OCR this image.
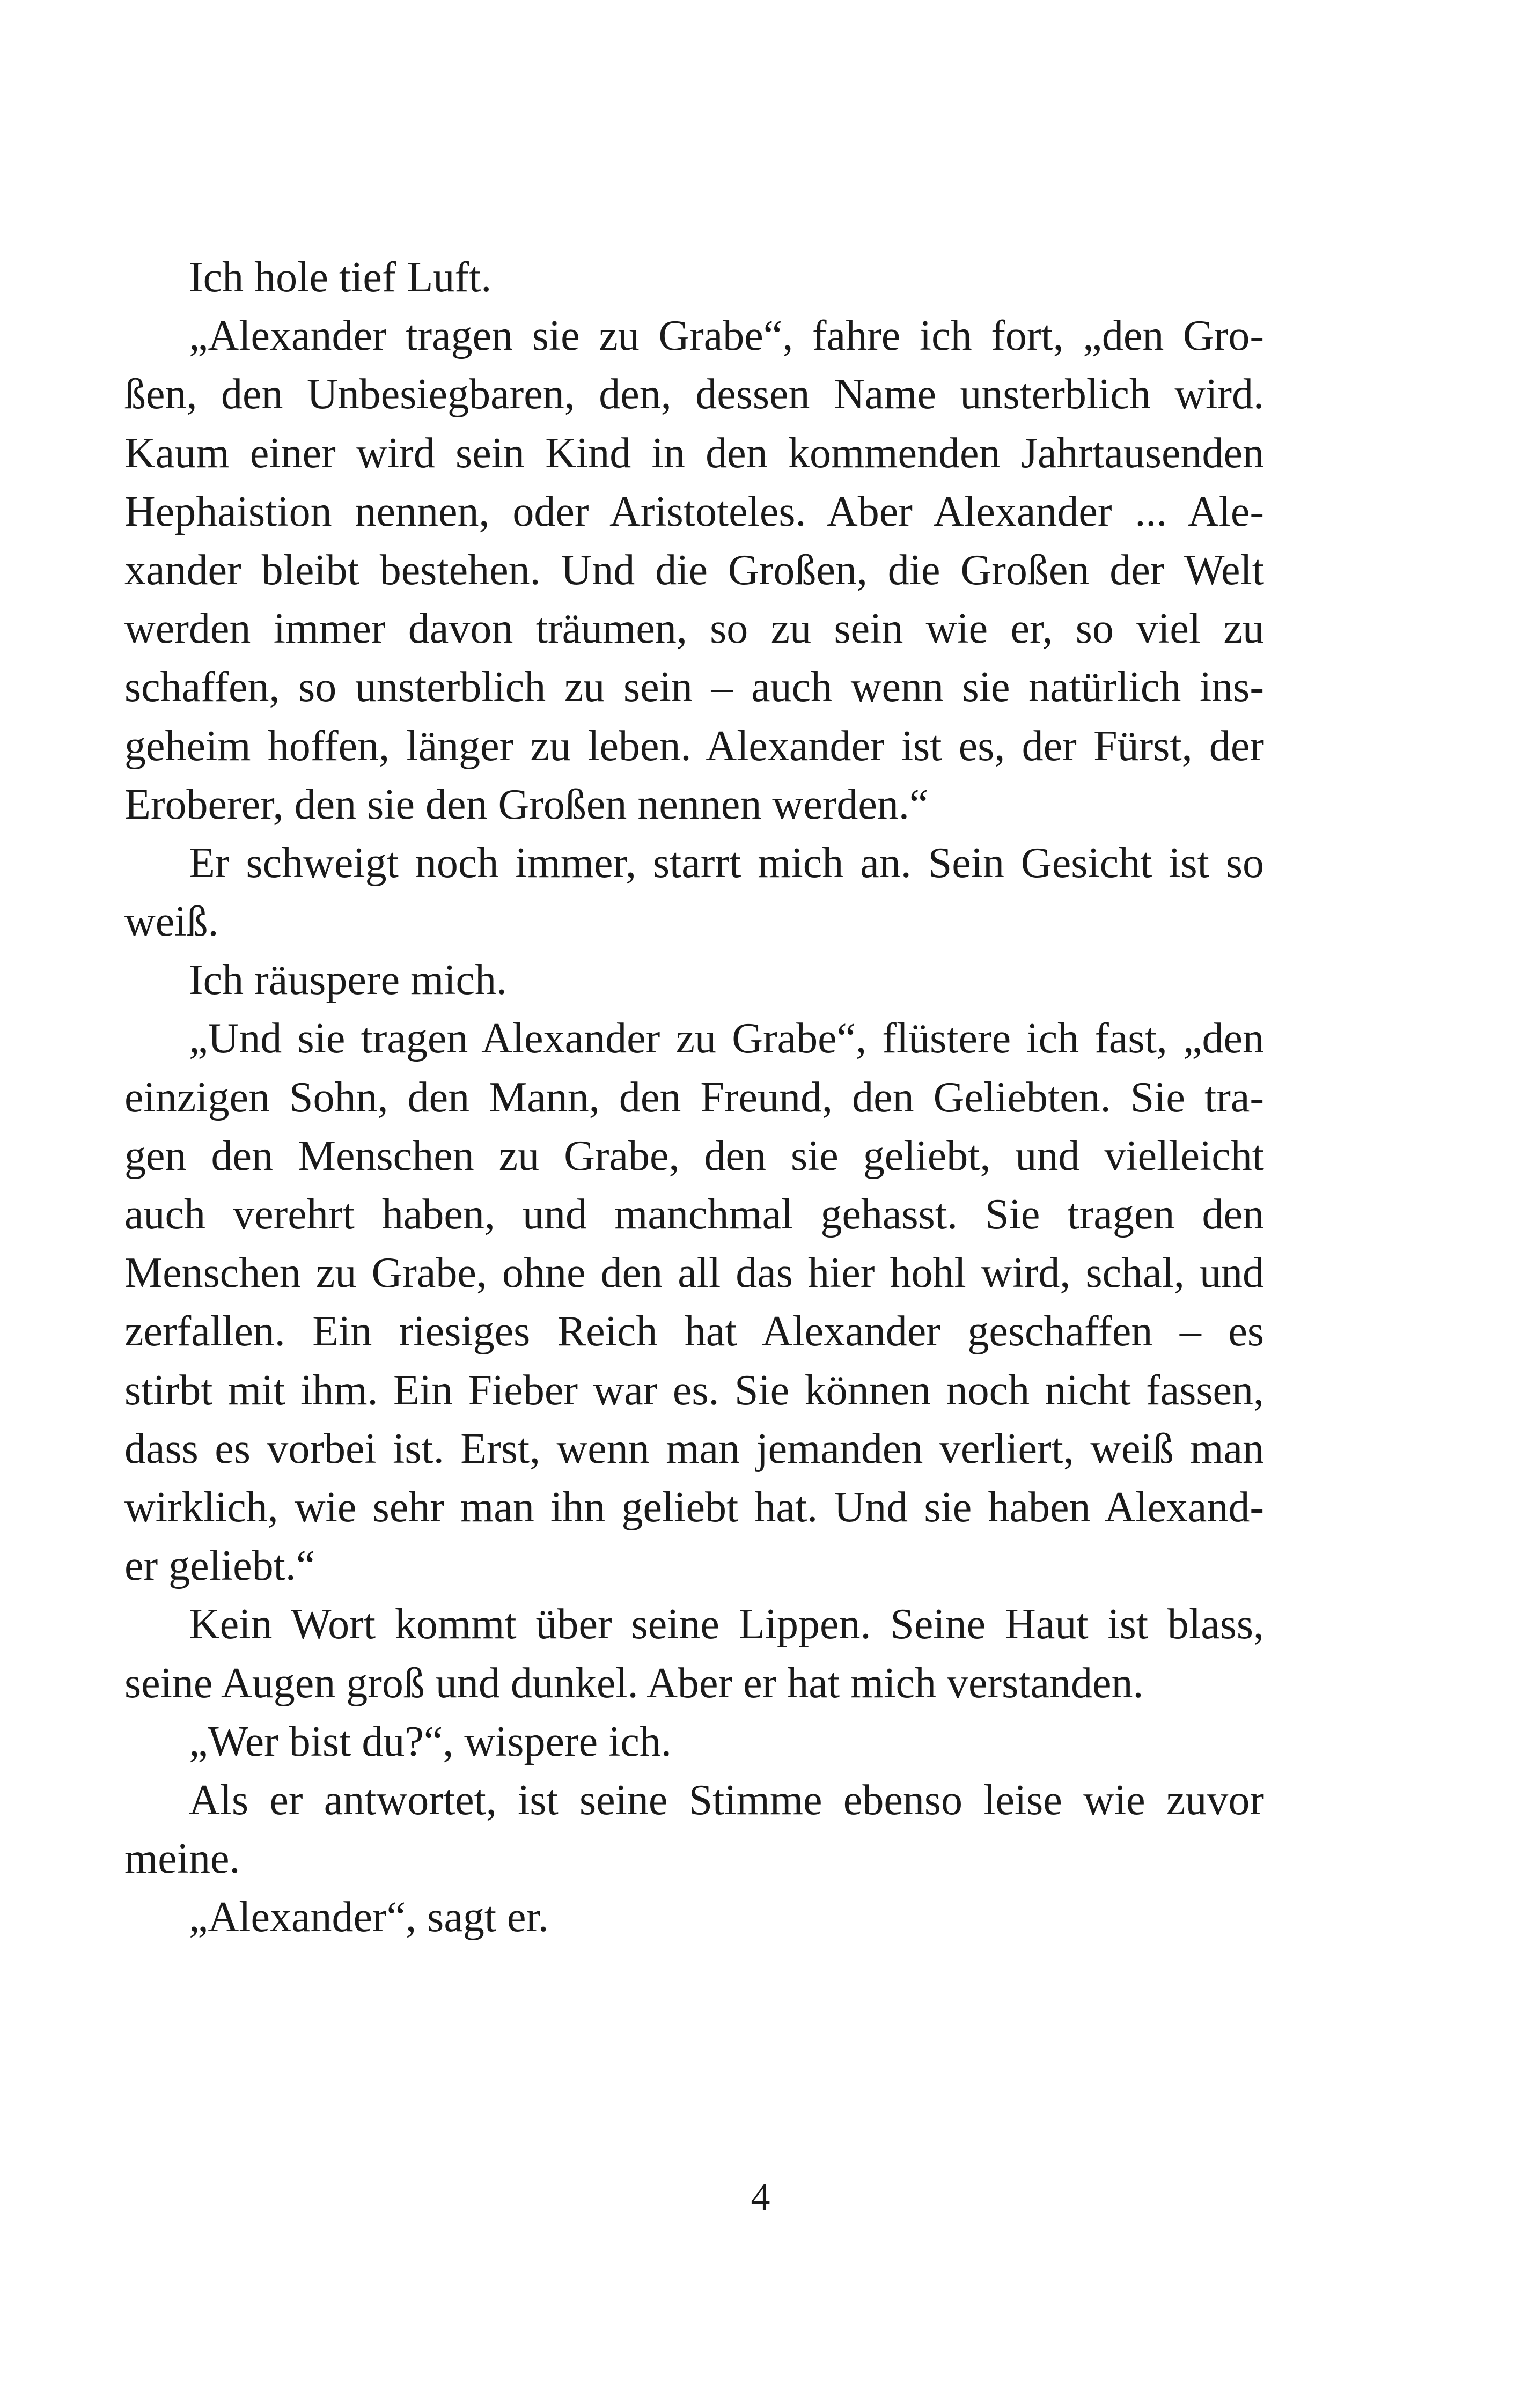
Ich hole tief Luft.
„Alexander tragen sie zu Grabe“, fahre ich fort, „den Gro-
ßen, den Unbesiegbaren, den, dessen Name unsterblich wird.
Kaum einer wird sein Kind in den kommenden Jahrtausenden
Hephaistion nennen, oder Aristoteles. Aber Alexander ... Ale-
xander bleibt bestehen. Und die Großen, die Großen der Welt
werden immer davon träumen, so zu sein wie er, so viel zu
schaffen, so unsterblich zu sein – auch wenn sie natürlich ins-
geheim hoffen, länger zu leben. Alexander ist es, der Fürst, der
Eroberer, den sie den Großen nennen werden.“
Er schweigt noch immer, starrt mich an. Sein Gesicht ist so
weiß.
Ich räuspere mich.
„Und sie tragen Alexander zu Grabe“, flüstere ich fast, „den
einzigen Sohn, den Mann, den Freund, den Geliebten. Sie tra-
gen den Menschen zu Grabe, den sie geliebt, und vielleicht
auch verehrt haben, und manchmal gehasst. Sie tragen den
Menschen zu Grabe, ohne den all das hier hohl wird, schal, und
zerfallen. Ein riesiges Reich hat Alexander geschaffen – es
stirbt mit ihm. Ein Fieber war es. Sie können noch nicht fassen,
dass es vorbei ist. Erst, wenn man jemanden verliert, weiß man
wirklich, wie sehr man ihn geliebt hat. Und sie haben Alexand-
er geliebt.“
Kein Wort kommt über seine Lippen. Seine Haut ist blass,
seine Augen groß und dunkel. Aber er hat mich verstanden.
„Wer bist du?“, wispere ich.
Als er antwortet, ist seine Stimme ebenso leise wie zuvor
meine.
„Alexander“, sagt er.
4
